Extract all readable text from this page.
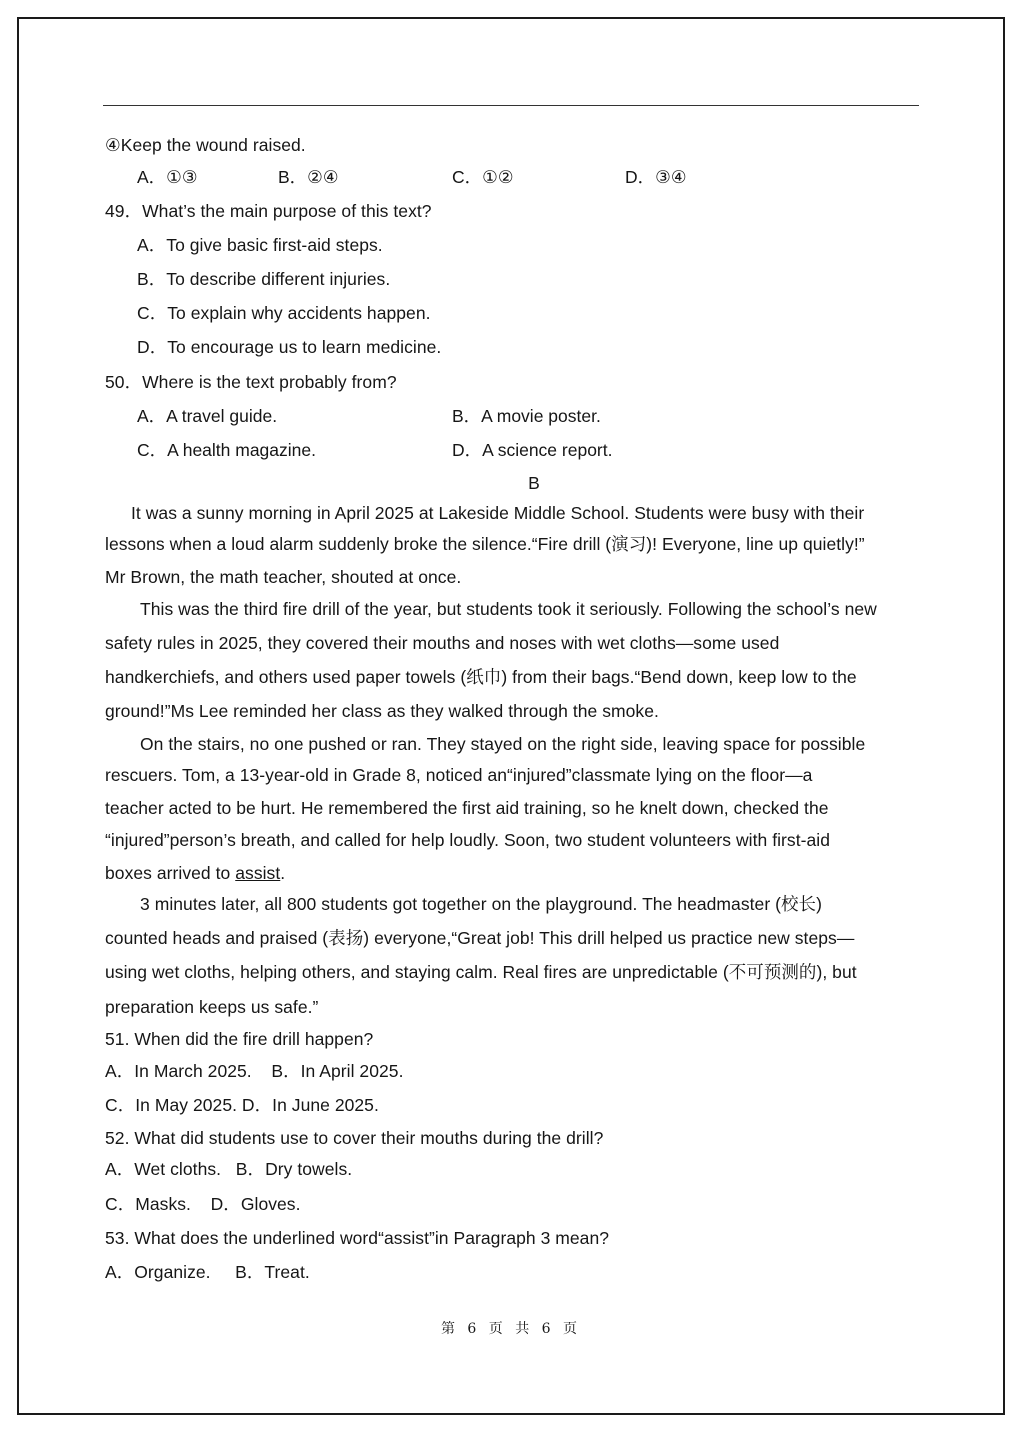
④Keep the wound raised.
A．①③	B．②④	C．①②	D．③④
49．What’s the main purpose of this text?
A．To give basic first-aid steps.
B．To describe different injuries.
C．To explain why accidents happen.
D．To encourage us to learn medicine.
50．Where is the text probably from?
A．A travel guide.	B．A movie poster.
C．A health magazine.	D．A science report.
B
It was a sunny morning in April 2025 at Lakeside Middle School. Students were busy with their
lessons when a loud alarm suddenly broke the silence.“Fire drill (演习)! Everyone, line up quietly!”
Mr Brown, the math teacher, shouted at once.
This was the third fire drill of the year, but students took it seriously. Following the school’s new
safety rules in 2025, they covered their mouths and noses with wet cloths—some used
handkerchiefs, and others used paper towels (纸巾) from their bags.“Bend down, keep low to the
ground!”Ms Lee reminded her class as they walked through the smoke.
On the stairs, no one pushed or ran. They stayed on the right side, leaving space for possible
rescuers. Tom, a 13-year-old in Grade 8, noticed an“injured”classmate lying on the floor—a
teacher acted to be hurt. He remembered the first aid training, so he knelt down, checked the
“injured”person’s breath, and called for help loudly. Soon, two student volunteers with first-aid
boxes arrived to assist.
3 minutes later, all 800 students got together on the playground. The headmaster (校长)
counted heads and praised (表扬) everyone,“Great job! This drill helped us practice new steps—
using wet cloths, helping others, and staying calm. Real fires are unpredictable (不可预测的), but
preparation keeps us safe.”
51. When did the fire drill happen?
A．In March 2025.    B．In April 2025.
C．In May 2025. D．In June 2025.
52. What did students use to cover their mouths during the drill?
A．Wet cloths.   B．Dry towels.
C．Masks.    D．Gloves.
53. What does the underlined word“assist”in Paragraph 3 mean?
A．Organize.     B．Treat.
第 6 页 共 6 页
